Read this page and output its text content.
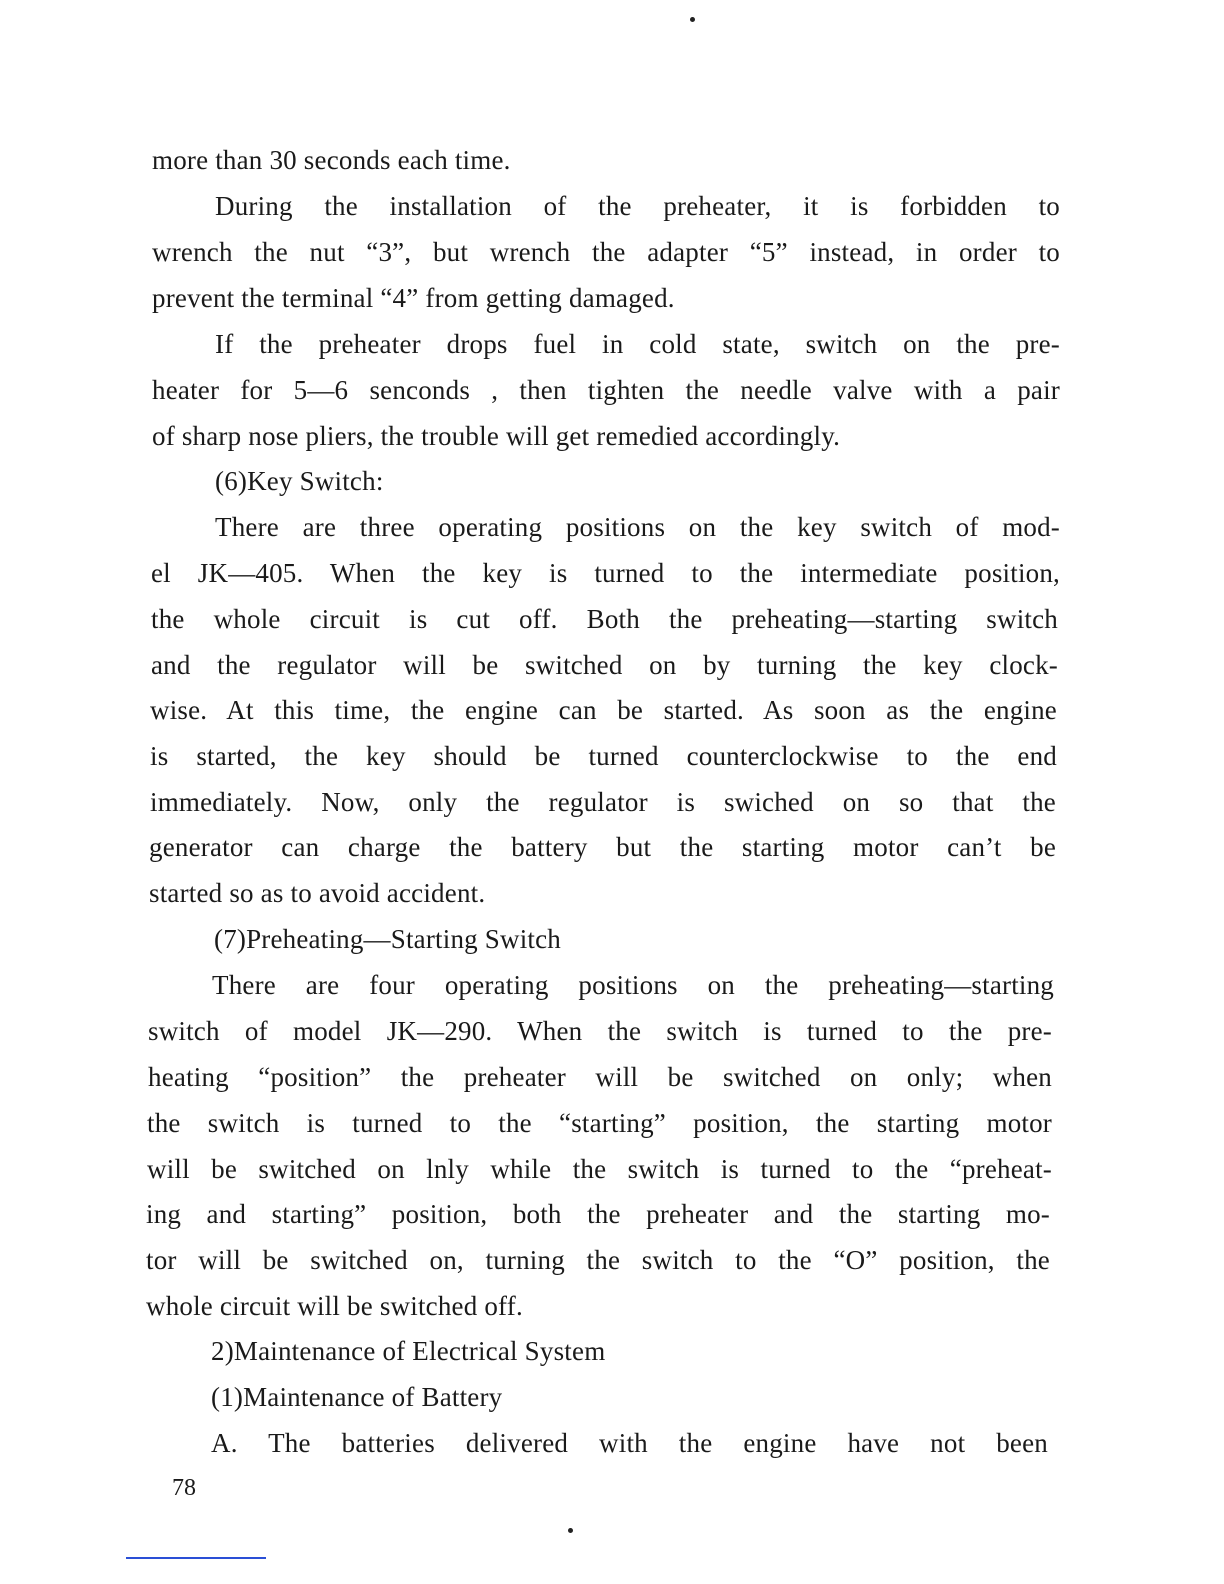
more than 30 seconds each time.
During the installation of the preheater, it is forbidden to
wrench the nut “3”, but wrench the adapter “5” instead, in order to
prevent the terminal “4” from getting damaged.
If the preheater drops fuel in cold state, switch on the pre-
heater for 5—6 senconds , then tighten the needle valve with a pair
of sharp nose pliers, the trouble will get remedied accordingly.
(6)Key Switch:
There are three operating positions on the key switch of mod-
el JK—405. When the key is turned to the intermediate position,
the whole circuit is cut off. Both the preheating—starting switch
and the regulator will be switched on by turning the key clock-
wise. At this time, the engine can be started. As soon as the engine
is started, the key should be turned counterclockwise to the end
immediately. Now, only the regulator is swiched on so that the
generator can charge the battery but the starting motor can’t be
started so as to avoid accident.
(7)Preheating—Starting Switch
There are four operating positions on the preheating—starting
switch of model JK—290. When the switch is turned to the pre-
heating “position” the preheater will be switched on only; when
the switch is turned to the “starting” position, the starting motor
will be switched on lnly while the switch is turned to the “preheat-
ing and starting” position, both the preheater and the starting mo-
tor will be switched on, turning the switch to the “O” position, the
whole circuit will be switched off.
2)Maintenance of Electrical System
(1)Maintenance of Battery
A. The batteries delivered with the engine have not been
78
